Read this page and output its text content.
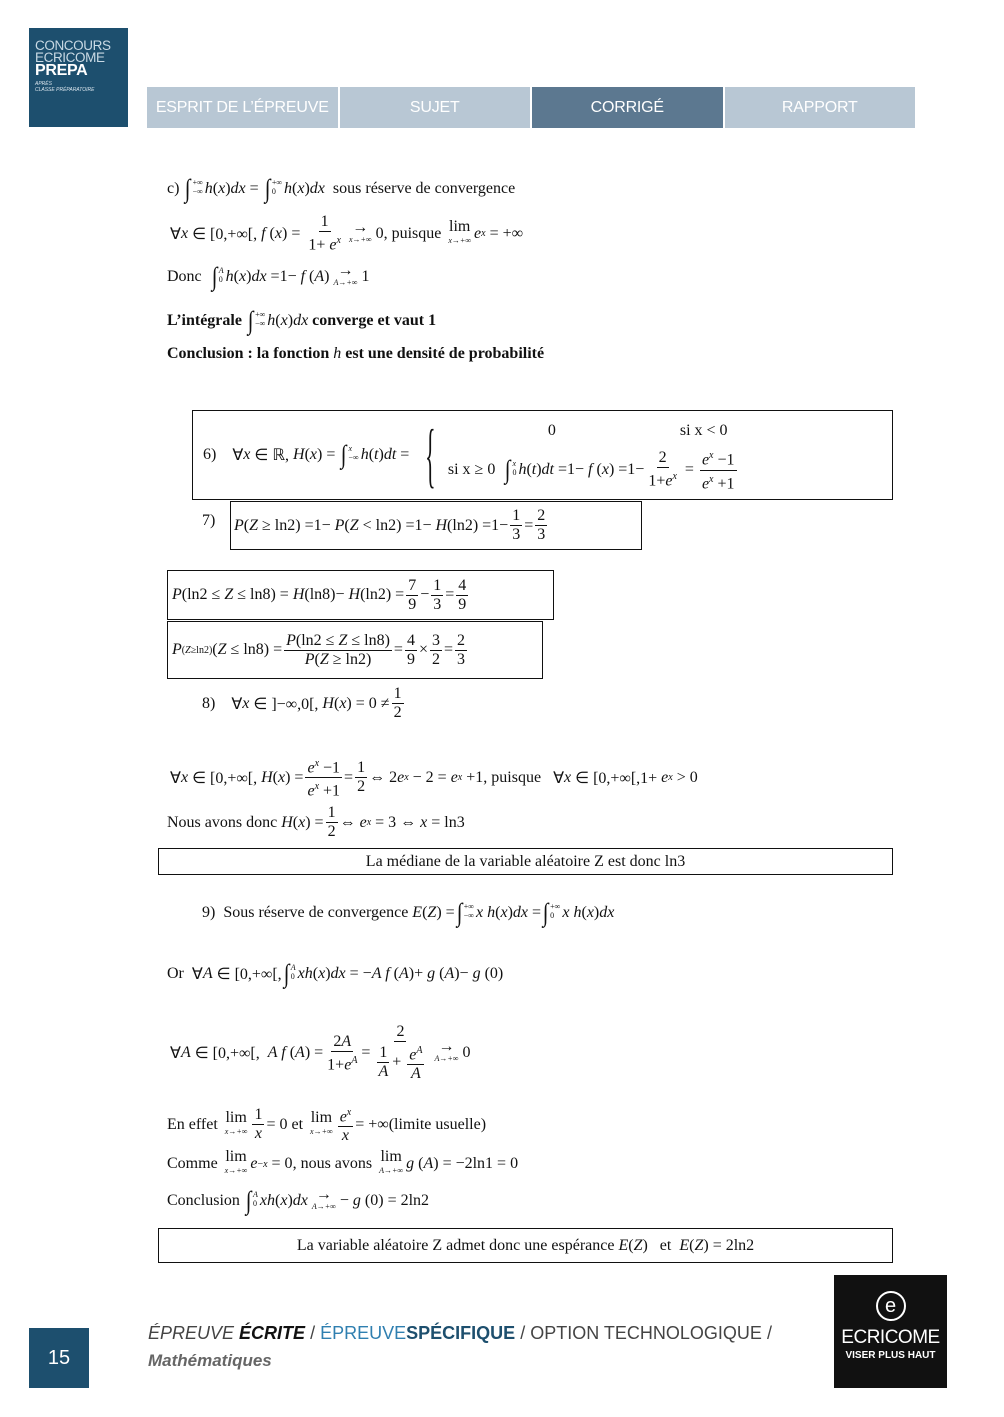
CONCOURS
ECRICOME
PREPA
APRÈS
CLASSE PRÉPARATOIRE
ESPRIT DE L’ÉPREUVE	SUJET	CORRIGÉ	RAPPORT
c)
∫ +∞
−∞ h ( x ) dx = ∫ +∞
0 h ( x ) dx
sous réserve de convergence
∀ x ∈ [0,+∞[, f ( x ) = $\frac{1}{1+ e^x}$ →
x→+∞ 0 , puisque
lim
x→+∞ e x = +∞
Donc
∫ A
0 h ( x ) dx =1− f ( A ) →
A→+∞ 1
L’intégrale
∫ +∞
−∞ h ( x ) dx
converge et vaut 1
Conclusion : la fonction
h
est une densité de probabilité
6) ∀ x ∈ ℝ, H ( x ) = ∫ x
−∞ h ( t ) dt = {	0	si x < 0
si x ≥ 0
∫ x
0 h ( t ) dt =1− f ( x ) $=1- \frac{2}{1+e^x} = \frac{e^x -1}{e^x +1}$
7) P ( Z ≥ ln2) =1− P ( Z < ln2) =1− H $(\ln 2) =1- \frac{1}{3} = \frac{2}{3}$
P (ln2 ≤ Z ≤ ln8) = H (ln8)− H $(\ln 2) = \frac{7}{9} - \frac{1}{3} = \frac{4}{9}$
P (Z≥ln2) ( $Z \le \ln 8) = \frac{P(\ln 2 \le Z \le \ln 8)}{P(Z \ge \ln 2)} = \frac{4}{9} \times \frac{3}{2} = \frac{2}{3}$
8) ∀ x ∈ ]−∞,0[, H ( x ) = $0 \ne \frac{1}{2}$
∀ x ∈ [0,+∞[, H ( x ) = $\frac{e^x -1}{e^x +1} = \frac{1}{2}$ ⇔ 2 e x − 2 = e x +1 , puisque ∀ x ∈ [0,+∞[,1+ e x > 0
Nous avons donc
H ( x ) = $\frac{1}{2}$ ⇔ e x = 3 ⇔ x = ln3
La médiane de la variable aléatoire Z est donc ln3
9)
Sous réserve de convergence
E ( Z ) = ∫ +∞
−∞ x h ( x ) dx = ∫ +∞
0 x h ( x ) dx
Or ∀ A ∈ [0,+∞[, ∫ A
0 xh ( x ) dx = − A f ( A )+ g ( A )− g (0)
∀ A ∈ [0,+∞[, A f ( A ) = $\frac{2A}{1+e^A} = \frac{2}{\frac{1}{A} + \frac{e^A}{A}}$ →
A→+∞ 0
En effet
lim
$x\to+\infty \frac{1}{x} = 0$ et
lim
$x\to+\infty \frac{e^x}{x}$ = +∞( limite usuelle )
Comme
lim
x→+∞ e −x = 0 , nous avons
lim
A→+∞ g ( A ) = −2ln1 = 0
Conclusion
∫ A
0 xh ( x ) dx →
A→+∞ − g (0) = 2ln2
La variable aléatoire Z admet donc une espérance
E ( Z ) et
E ( Z ) = 2ln2
15
ÉPREUVE ÉCRITE / ÉPREUVESPÉCIFIQUE / OPTION TECHNOLOGIQUE /
Mathématiques
e
ECRICOME
VISER PLUS HAUT
